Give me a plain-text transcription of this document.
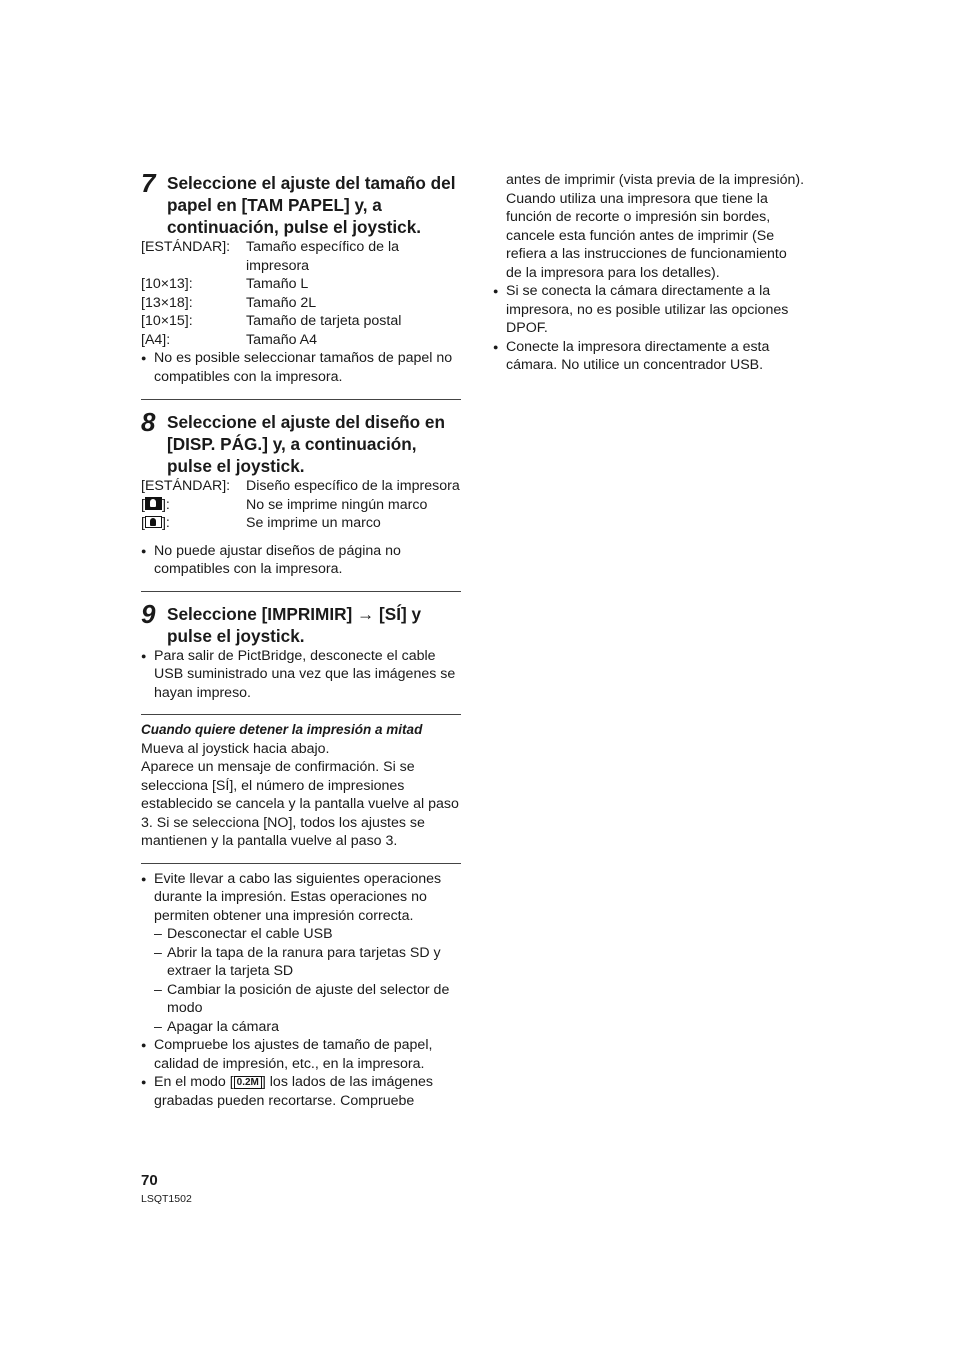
7 Seleccione el ajuste del tamaño del papel en [TAM PAPEL] y, a continuación, pulse el joystick.
[ESTÁNDAR]:	Tamaño específico de la impresora
[10×13]:	Tamaño L
[13×18]:	Tamaño 2L
[10×15]:	Tamaño de tarjeta postal
[A4]:	Tamaño A4
● No es posible seleccionar tamaños de papel no compatibles con la impresora.
8 Seleccione el ajuste del diseño en [DISP. PÁG.] y, a continuación, pulse el joystick.
[ESTÁNDAR]:	Diseño específico de la impresora
[ ]:	No se imprime ningún marco
[ ]:	Se imprime un marco
● No puede ajustar diseños de página no compatibles con la impresora.
9 Seleccione [IMPRIMIR] → [SÍ] y pulse el joystick.
● Para salir de PictBridge, desconecte el cable USB suministrado una vez que las imágenes se hayan impreso.
Cuando quiere detener la impresión a mitad
Mueva al joystick hacia abajo.
Aparece un mensaje de confirmación. Si se selecciona [SÍ], el número de impresiones establecido se cancela y la pantalla vuelve al paso 3. Si se selecciona [NO], todos los ajustes se mantienen y la pantalla vuelve al paso 3.
● Evite llevar a cabo las siguientes operaciones durante la impresión. Estas operaciones no permiten obtener una impresión correcta.
– Desconectar el cable USB
– Abrir la tapa de la ranura para tarjetas SD y extraer la tarjeta SD
– Cambiar la posición de ajuste del selector de modo
– Apagar la cámara
● Compruebe los ajustes de tamaño de papel, calidad de impresión, etc., en la impresora.
● En el modo [ 0.2M ] los lados de las imágenes grabadas pueden recortarse. Compruebe
antes de imprimir (vista previa de la impresión).
Cuando utiliza una impresora que tiene la función de recorte o impresión sin bordes, cancele esta función antes de imprimir (Se refiera a las instrucciones de funcionamiento de la impresora para los detalles).
● Si se conecta la cámara directamente a la impresora, no es posible utilizar las opciones DPOF.
● Conecte la impresora directamente a esta cámara. No utilice un concentrador USB.
70
LSQT1502
